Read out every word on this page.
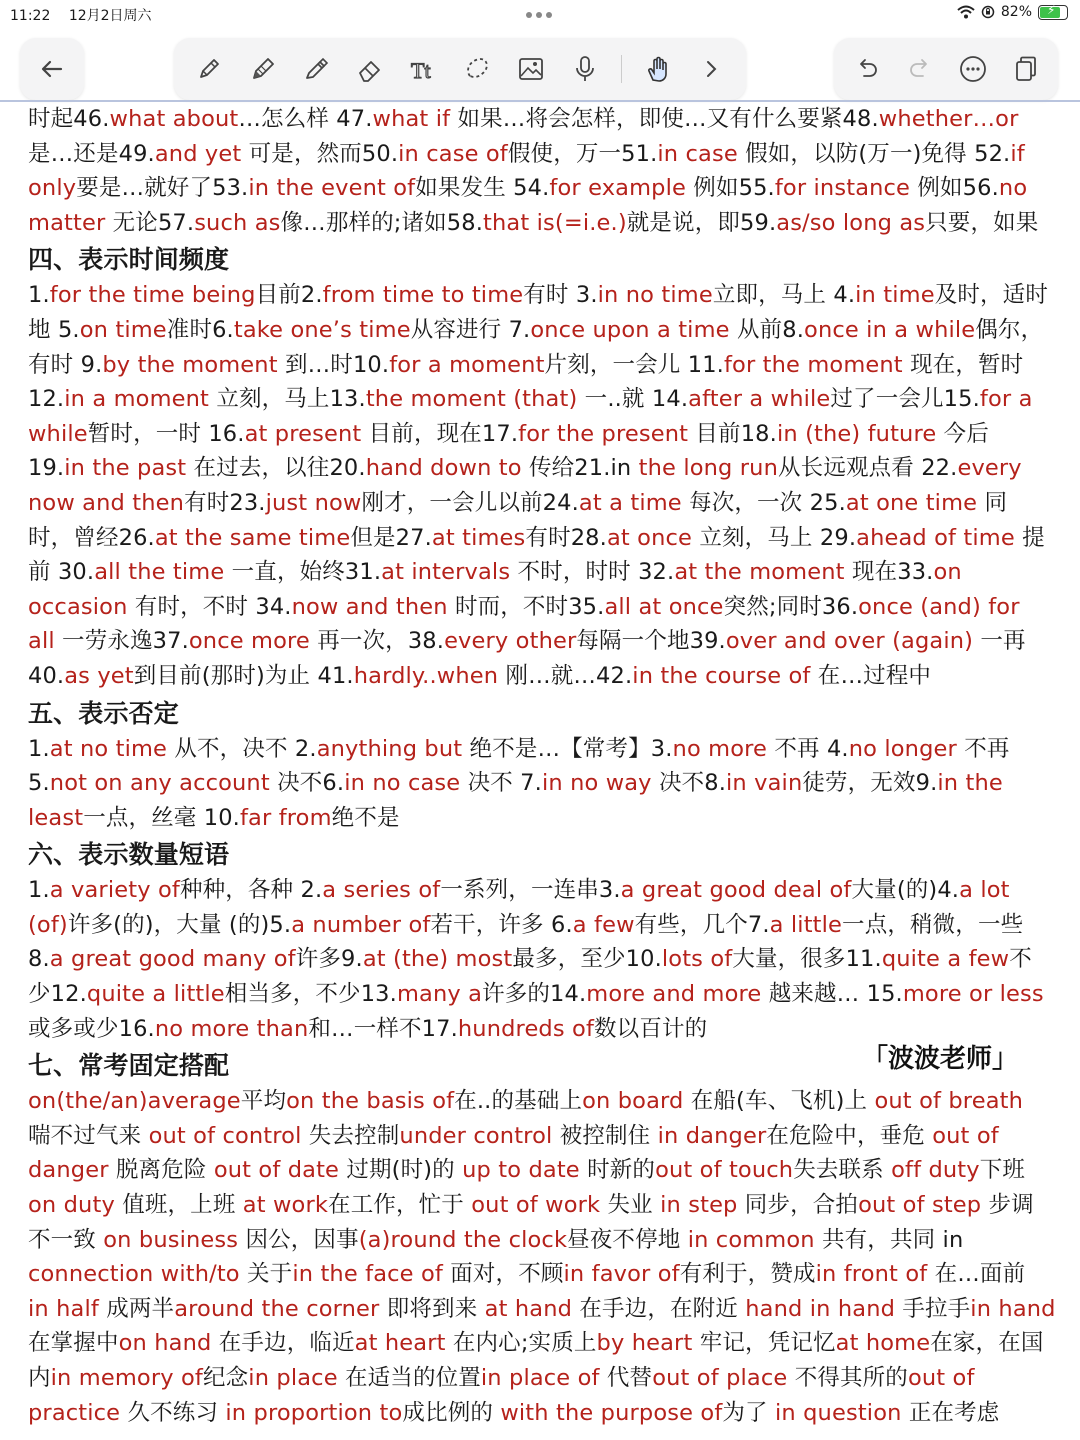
11:22 12月2日周六	82% ⚡
Tt
时起46.what about…怎么样 47.what if 如果…将会怎样，即使…又有什么要紧48.whether…or
是…还是49.and yet 可是，然而50.in case of假使，万一51.in case 假如，以防(万一)免得 52.if
only要是…就好了53.in the event of如果发生 54.for example 例如55.for instance 例如56.no
matter 无论57.such as像…那样的;诸如58.that is(=i.e.)就是说，即59.as/so long as只要，如果
四、表示时间频度
1.for the time being目前2.from time to time有时 3.in no time立即，马上 4.in time及时，适时
地 5.on time准时6.take one’s time从容进行 7.once upon a time 从前8.once in a while偶尔，
有时 9.by the moment 到…时10.for a moment片刻，一会儿 11.for the moment 现在，暂时
12.in a moment 立刻，马上13.the moment (that) 一..就 14.after a while过了一会儿15.for a
while暂时，一时 16.at present 目前，现在17.for the present 目前18.in (the) future 今后
19.in the past 在过去，以往20.hand down to 传给21.in the long run从长远观点看 22.every
now and then有时23.just now刚才，一会儿以前24.at a time 每次，一次 25.at one time 同
时，曾经26.at the same time但是27.at times有时28.at once 立刻，马上 29.ahead of time 提
前 30.all the time 一直，始终31.at intervals 不时，时时 32.at the moment 现在33.on
occasion 有时，不时 34.now and then 时而，不时35.all at once突然;同时36.once (and) for
all 一劳永逸37.once more 再一次，38.every other每隔一个地39.over and over (again) 一再
40.as yet到目前(那时)为止 41.hardly..when 刚…就…42.in the course of 在…过程中
五、表示否定
1.at no time 从不，决不 2.anything but 绝不是…【常考】3.no more 不再 4.no longer 不再
5.not on any account 决不6.in no case 决不 7.in no way 决不8.in vain徒劳，无效9.in the
least一点，丝毫 10.far from绝不是
六、表示数量短语
1.a variety of种种，各种 2.a series of一系列，一连串3.a great good deal of大量(的)4.a lot
(of)许多(的)，大量 (的)5.a number of若干，许多 6.a few有些，几个7.a little一点，稍微，一些
8.a great good many of许多9.at (the) most最多，至少10.lots of大量，很多11.quite a few不
少12.quite a little相当多，不少13.many a许多的14.more and more 越来越… 15.more or less
或多或少16.no more than和…一样不17.hundreds of数以百计的
七、常考固定搭配
on(the/an)average平均on the basis of在..的基础上on board 在船(车、飞机)上 out of breath
喘不过气来 out of control 失去控制under control 被控制住 in danger在危险中，垂危 out of
danger 脱离危险 out of date 过期(时)的 up to date 时新的out of touch失去联系 off duty下班
on duty 值班，上班 at work在工作，忙于 out of work 失业 in step 同步，合拍out of step 步调
不一致 on business 因公，因事(a)round the clock昼夜不停地 in common 共有，共同 in
connection with/to 关于in the face of 面对，不顾in favor of有利于，赞成in front of 在…面前
in half 成两半around the corner 即将到来 at hand 在手边，在附近 hand in hand 手拉手in hand
在掌握中on hand 在手边，临近at heart 在内心;实质上by heart 牢记，凭记忆at home在家，在国
内in memory of纪念in place 在适当的位置in place of 代替out of place 不得其所的out of
practice 久不练习 in proportion to成比例的 with the purpose of为了 in question 正在考虑
「波波老师」
